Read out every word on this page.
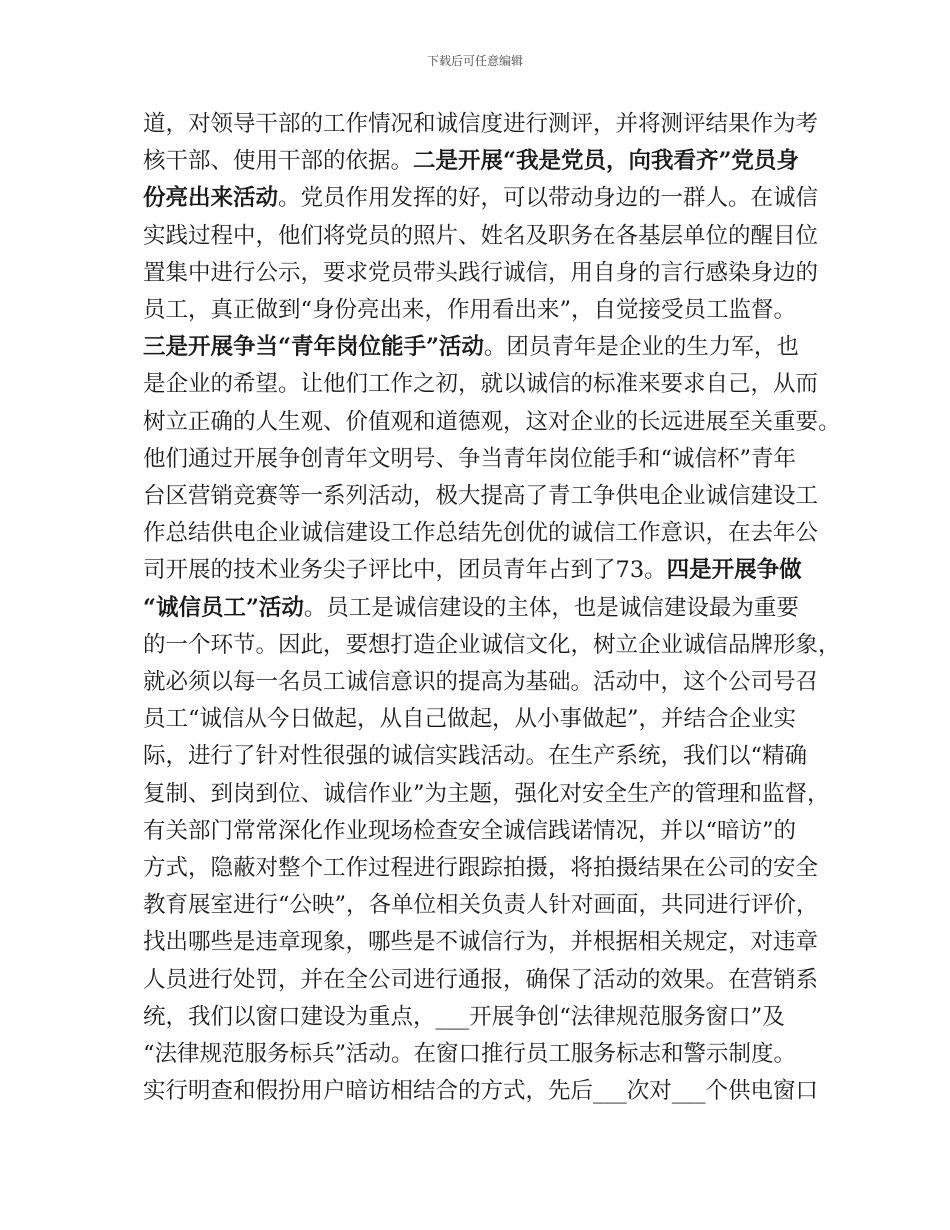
下载后可任意编辑
道，对领导干部的工作情况和诚信度进行测评，并将测评结果作为考
核干部、使用干部的依据。二是开展“我是党员，向我看齐”党员身
份亮出来活动。党员作用发挥的好，可以带动身边的一群人。在诚信
实践过程中，他们将党员的照片、姓名及职务在各基层单位的醒目位
置集中进行公示，要求党员带头践行诚信，用自身的言行感染身边的
员工，真正做到“身份亮出来，作用看出来”，自觉接受员工监督。
三是开展争当“青年岗位能手”活动。团员青年是企业的生力军，也
是企业的希望。让他们工作之初，就以诚信的标准来要求自己，从而
树立正确的人生观、价值观和道德观，这对企业的长远进展至关重要。
他们通过开展争创青年文明号、争当青年岗位能手和“诚信杯”青年
台区营销竞赛等一系列活动，极大提高了青工争供电企业诚信建设工
作总结供电企业诚信建设工作总结先创优的诚信工作意识，在去年公
司开展的技术业务尖子评比中，团员青年占到了73。四是开展争做
“诚信员工”活动。员工是诚信建设的主体，也是诚信建设最为重要
的一个环节。因此，要想打造企业诚信文化，树立企业诚信品牌形象，
就必须以每一名员工诚信意识的提高为基础。活动中，这个公司号召
员工“诚信从今日做起，从自己做起，从小事做起”，并结合企业实
际，进行了针对性很强的诚信实践活动。在生产系统，我们以“精确
复制、到岗到位、诚信作业”为主题，强化对安全生产的管理和监督，
有关部门常常深化作业现场检查安全诚信践诺情况，并以“暗访”的
方式，隐蔽对整个工作过程进行跟踪拍摄，将拍摄结果在公司的安全
教育展室进行“公映”，各单位相关负责人针对画面，共同进行评价，
找出哪些是违章现象，哪些是不诚信行为，并根据相关规定，对违章
人员进行处罚，并在全公司进行通报，确保了活动的效果。在营销系
统，我们以窗口建设为重点，___开展争创“法律规范服务窗口”及
“法律规范服务标兵”活动。在窗口推行员工服务标志和警示制度。
实行明查和假扮用户暗访相结合的方式，先后___次对___个供电窗口
